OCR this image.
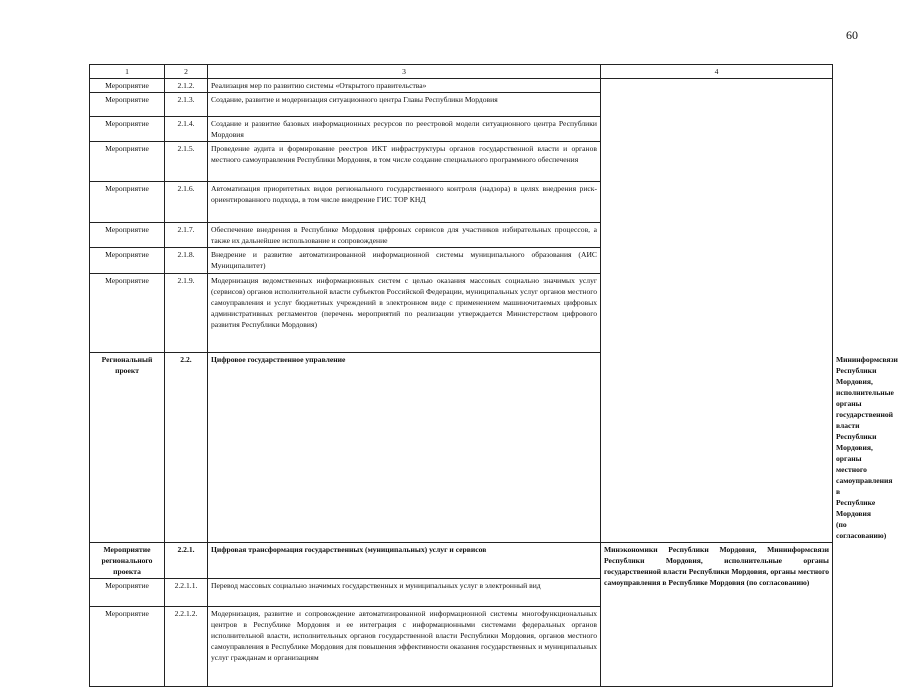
60
1	2	3	4	
Мероприятие	2.1.2.	Реализация мер по развитию системы «Открытого правительства»		
Мероприятие	2.1.3.	Создание, развитие и модернизация ситуационного центра Главы Республики Мордовия		
Мероприятие	2.1.4.	Создание и развитие базовых информационных ресурсов по реестровой модели ситуационного центра Республики Мордовия		
Мероприятие	2.1.5.	Проведение аудита и формирование реестров ИКТ инфраструктуры органов государственной власти и органов местного самоуправления Республики Мордовия, в том числе создание специального программного обеспечения		
Мероприятие	2.1.6.	Автоматизация приоритетных видов регионального государственного контроля (надзора) в целях внедрения риск-ориентированного подхода, в том числе внедрение ГИС ТОР КНД		
Мероприятие	2.1.7.	Обеспечение внедрения в Республике Мордовия цифровых сервисов для участников избирательных процессов, а также их дальнейшее использование и сопровождение		
Мероприятие	2.1.8.	Внедрение и развитие автоматизированной информационной системы муниципального образования (АИС Муниципалитет)		
Мероприятие	2.1.9.	Модернизация ведомственных информационных систем с целью оказания массовых социально значимых услуг (сервисов) органов исполнительной власти субъектов Российской Федерации, муниципальных услуг органов местного самоуправления и услуг бюджетных учреждений в электронном виде с применением машиночитаемых цифровых административных регламентов (перечень мероприятий по реализации утверждается Министерством цифрового развития Республики Мордовия)		
Региональный проект	2.2.	Цифровое государственное управление		Мининформсвязи Республики Мордовия, исполнительные органы государственной власти Республики Мордовия, органы местного самоуправления в Республике Мордовия (по согласованию)
Мероприятие регионального проекта	2.2.1.	Цифровая трансформация государственных (муниципальных) услуг и сервисов	Минэкономики Республики Мордовия, Мининформсвязи Республики Мордовия, исполнительные органы государственной власти Республики Мордовия, органы местного самоуправления в Республике Мордовия (по согласованию)	
Мероприятие	2.2.1.1.	Перевод массовых социально значимых государственных и муниципальных услуг в электронный вид		
Мероприятие	2.2.1.2.	Модернизация, развитие и сопровождение автоматизированной информационной системы многофункциональных центров в Республике Мордовия и ее интеграция с информационными системами федеральных органов исполнительной власти, исполнительных органов государственной власти Республики Мордовия, органов местного самоуправления в Республике Мордовия для повышения эффективности оказания государственных и муниципальных услуг гражданам и организациям		
